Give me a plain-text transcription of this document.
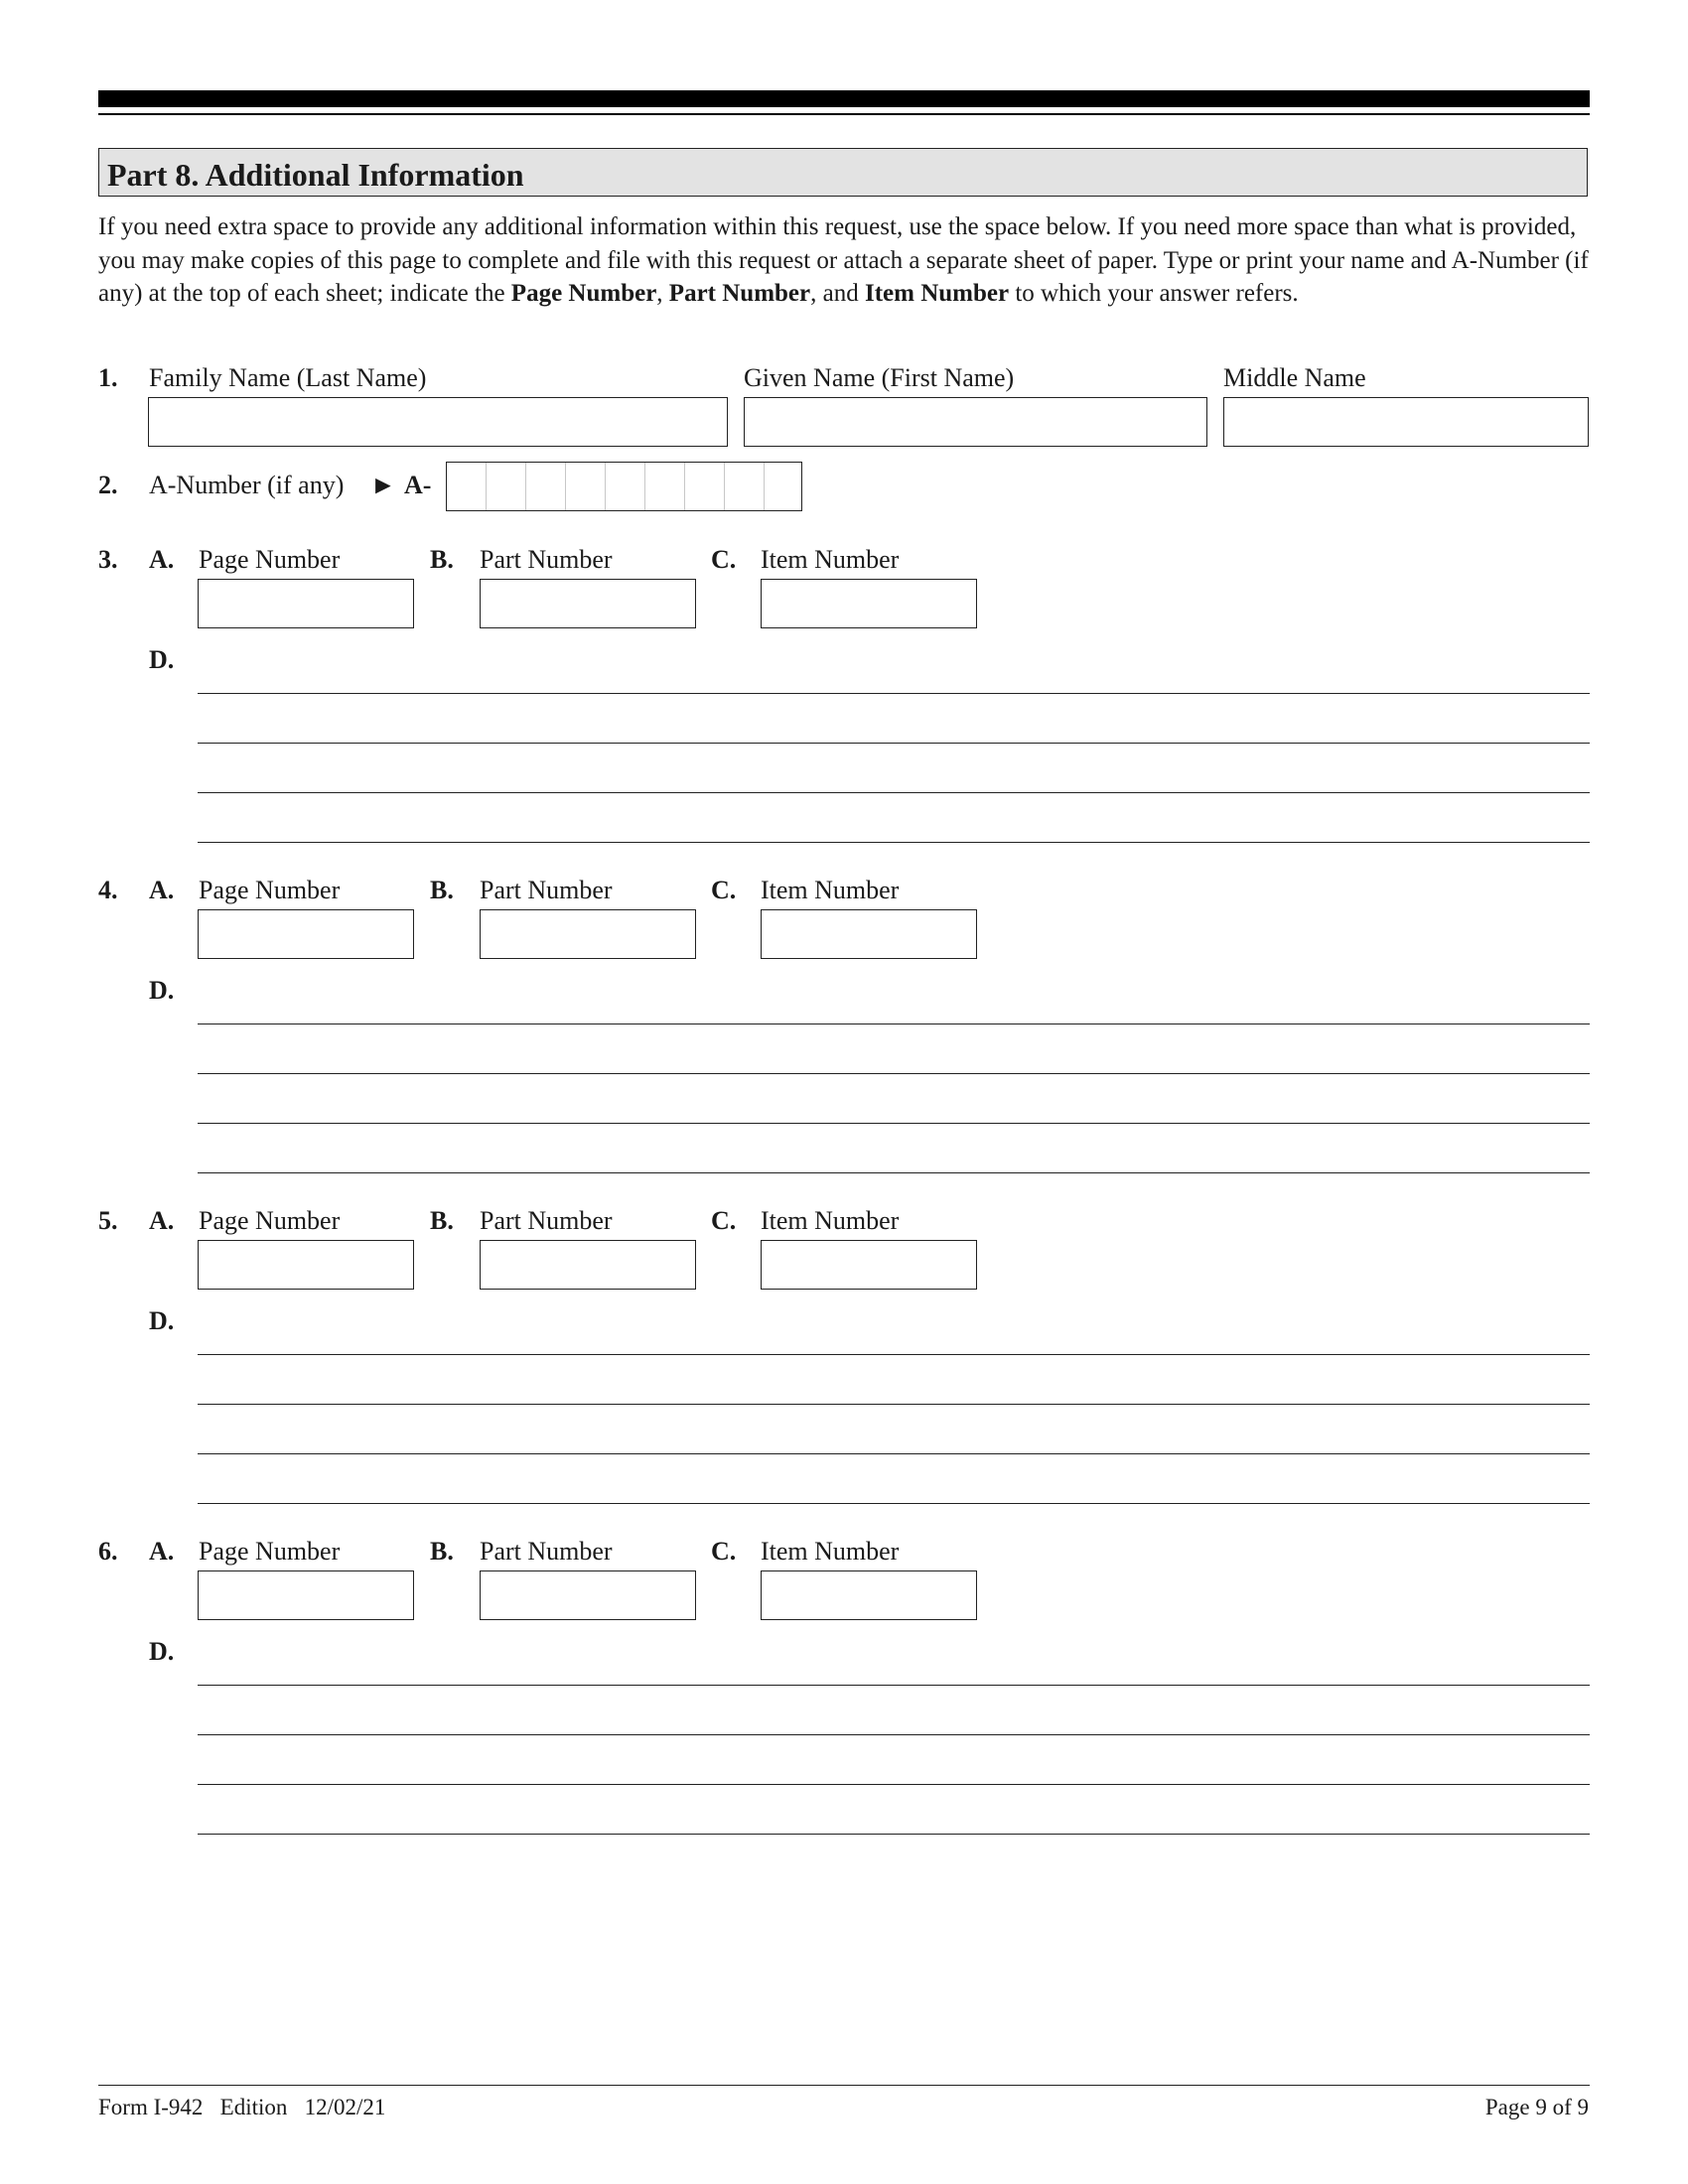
Part 8. Additional Information
If you need extra space to provide any additional information within this request, use the space below. If you need more space than what is provided, you may make copies of this page to complete and file with this request or attach a separate sheet of paper. Type or print your name and A-Number (if any) at the top of each sheet; indicate the Page Number, Part Number, and Item Number to which your answer refers.
1. Family Name (Last Name)	Given Name (First Name)	Middle Name
2. A-Number (if any) ► A-
3. A. Page Number	B. Part Number	C. Item Number
D.
4. A. Page Number	B. Part Number	C. Item Number
D.
5. A. Page Number	B. Part Number	C. Item Number
D.
6. A. Page Number	B. Part Number	C. Item Number
D.
Form I-942   Edition   12/02/21	Page 9 of 9
